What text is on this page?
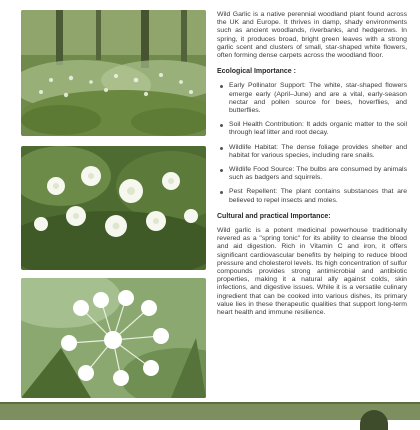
Wild Garlic is a native perennial woodland plant found across the UK and Europe. It thrives in damp, shady environments such as ancient woodlands, riverbanks, and hedgerows. In spring, it produces broad, bright green leaves with a strong garlic scent and clusters of small, star-shaped white flowers, often forming dense carpets across the woodland floor.

Ecological Importance :
Early Pollinator Support: The white, star-shaped flowers emerge early (April–June) and are a vital, early-season nectar and pollen source for bees, hoverflies, and butterflies.
Soil Health Contribution: It adds organic matter to the soil through leaf litter and root decay.
Wildlife Habitat: The dense foliage provides shelter and habitat for various species, including rare snails.
Wildlife Food Source: The bulbs are consumed by animals such as badgers and squirrels.
Pest Repellent: The plant contains substances that are believed to repel insects and moles.
Cultural and practical Importance:

Wild garlic is a potent medicinal powerhouse traditionally revered as a "spring tonic" for its ability to cleanse the blood and aid digestion. Rich in Vitamin C and iron, it offers significant cardiovascular benefits by helping to reduce blood pressure and cholesterol levels. Its high concentration of sulfur compounds provides strong antimicrobial and antibiotic properties, making it a natural ally against colds, skin infections, and digestive issues. While it is a versatile culinary ingredient that can be cooked into various dishes, its primary value lies in these therapeutic qualities that support long-term heart health and immune resilience.
